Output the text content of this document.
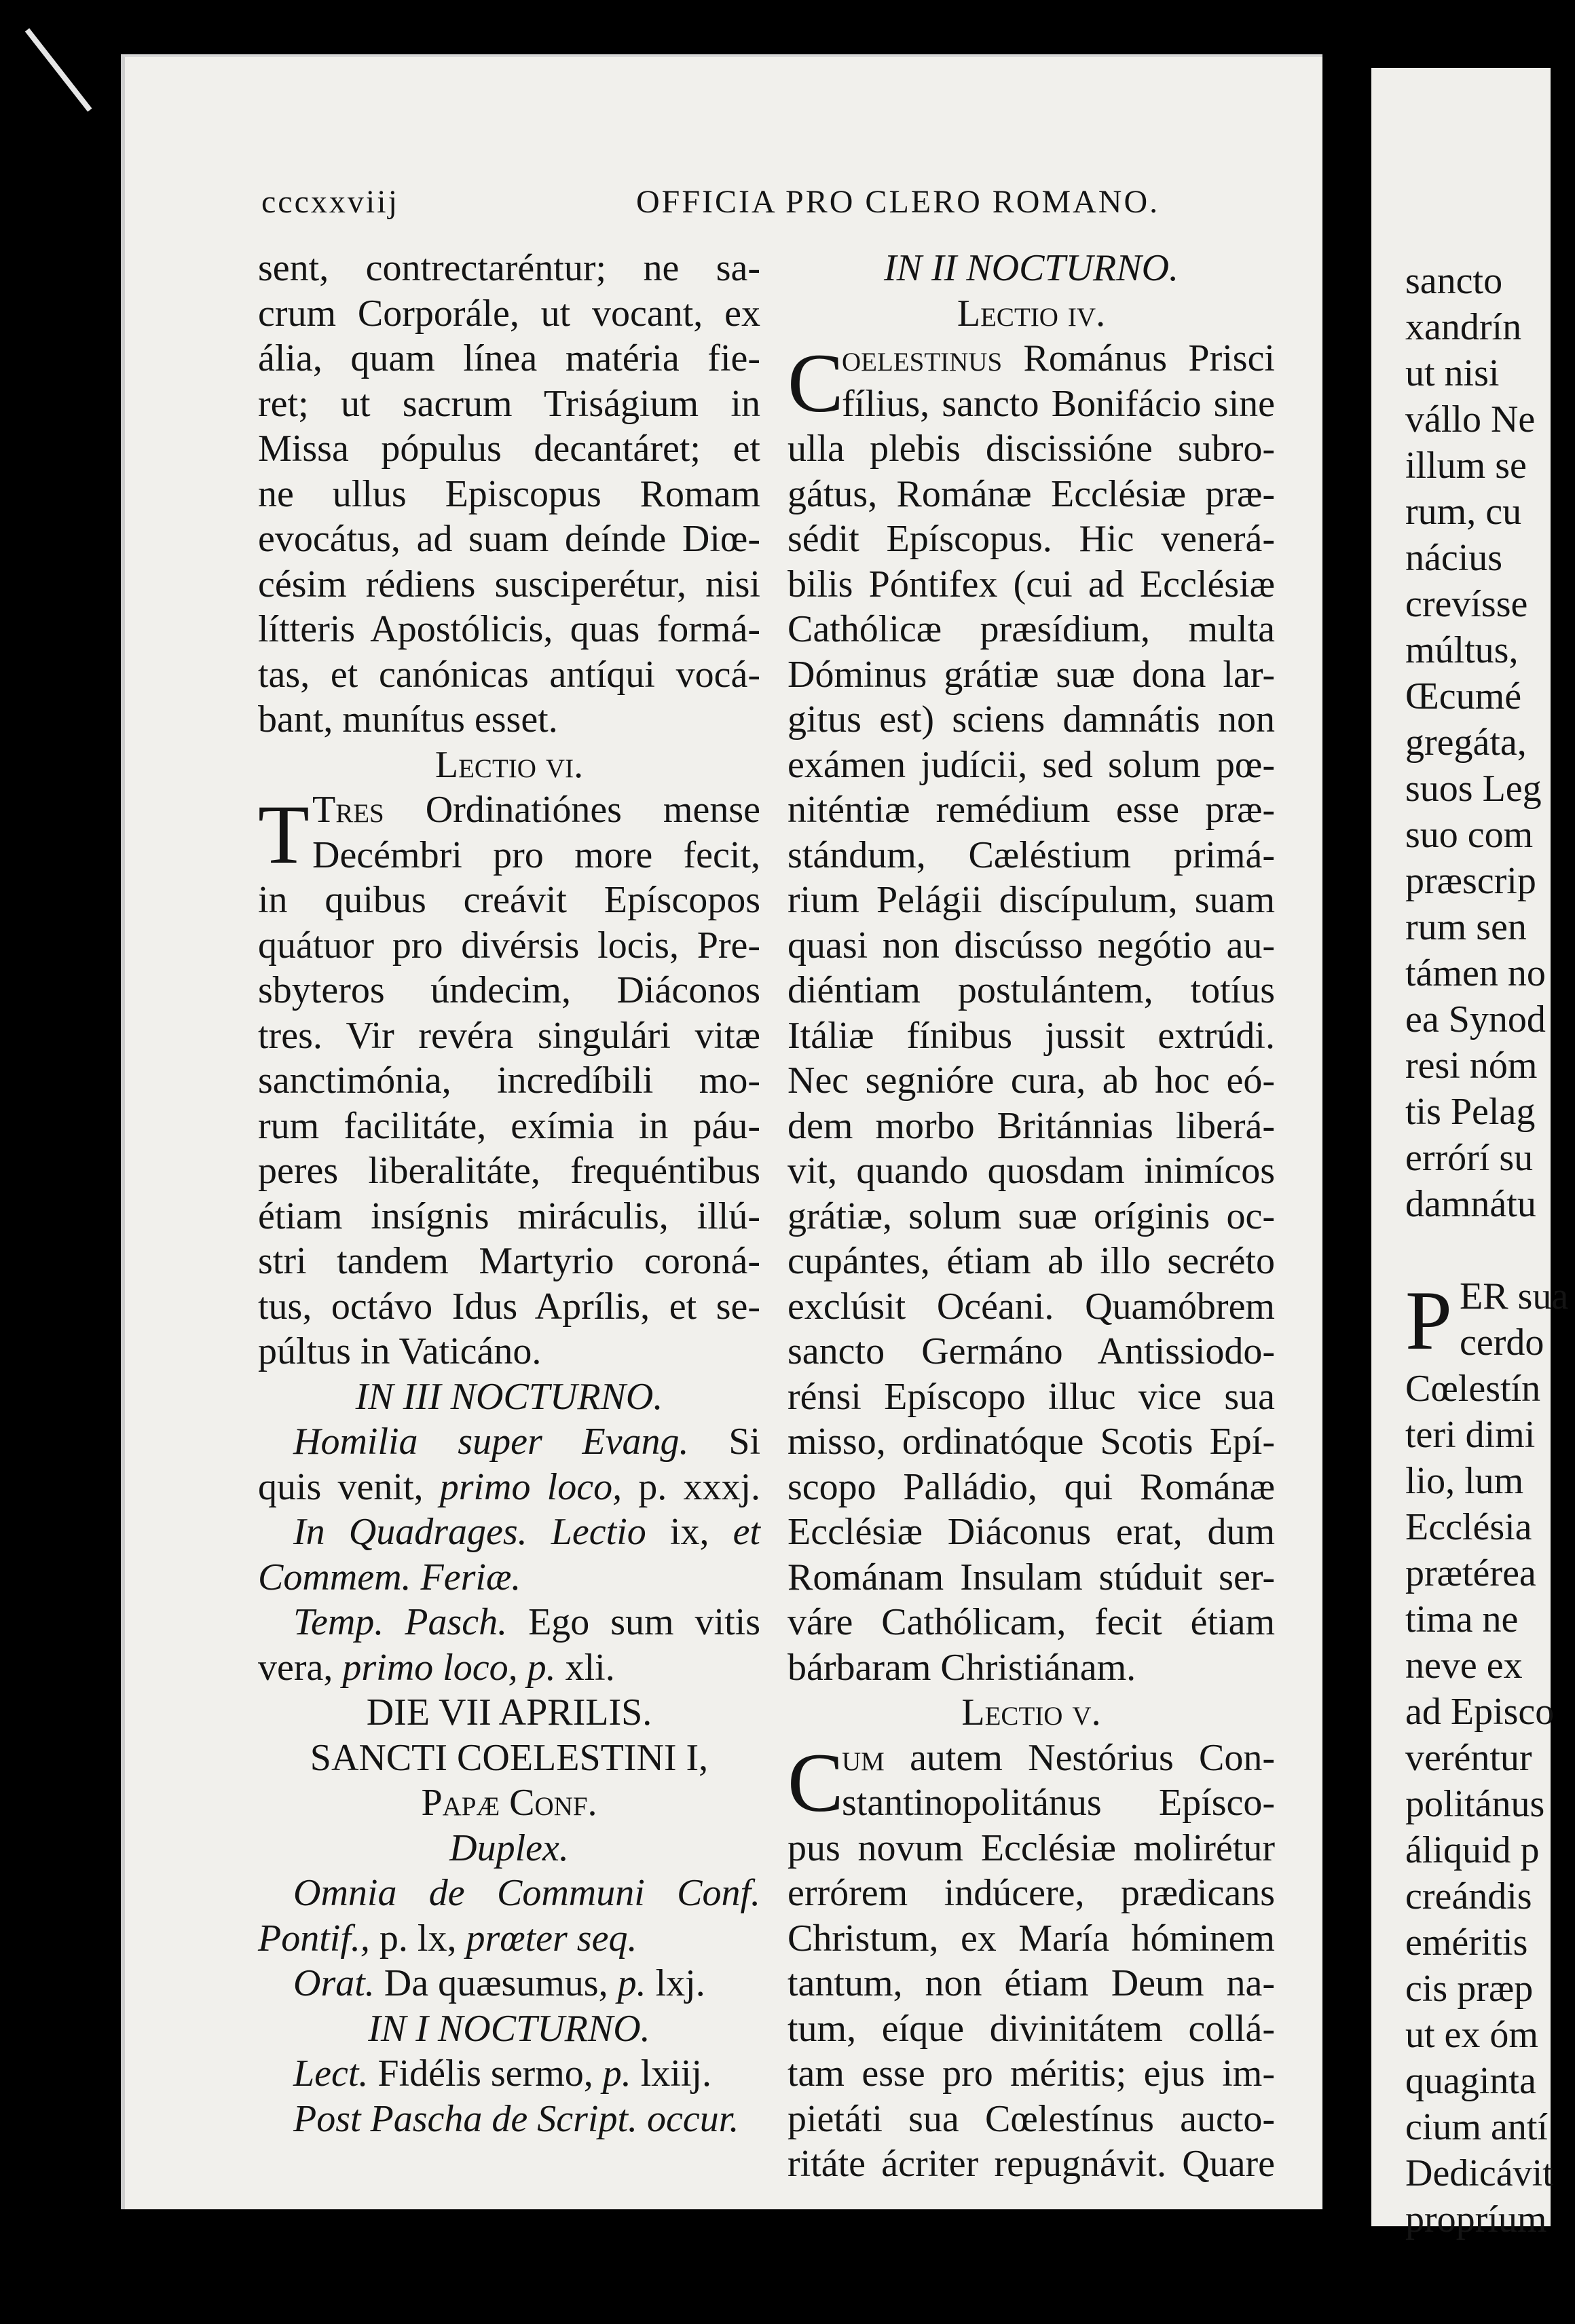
cccxxviij	OFFICIA PRO CLERO ROMANO.
sent, contrectaréntur; ne sa-
crum Corporále, ut vocant, ex
ália, quam línea matéria fie-
ret; ut sacrum Triságium in
Missa pópulus decantáret; et
ne ullus Episcopus Romam
evocátus, ad suam deínde Diœ-
césim rédiens susciperétur, nisi
lítteris Apostólicis, quas formá-
tas, et canónicas antíqui vocá-
bant, munítus esset.
Lectio vi.
T Tres Ordinatiónes mense
Decémbri pro more fecit,
in quibus creávit Epíscopos
quátuor pro divérsis locis, Pre-
sbyteros úndecim, Diáconos
tres. Vir revéra singulári vitæ
sanctimónia, incredíbili mo-
rum facilitáte, exímia in páu-
peres liberalitáte, frequéntibus
étiam insígnis miráculis, illú-
stri tandem Martyrio coroná-
tus, octávo Idus Aprílis, et se-
púltus in Vaticáno.
IN III NOCTURNO.
Homilia super Evang. Si
quis venit, primo loco, p. xxxj.
In Quadrages. Lectio ix, et
Commem. Feriæ.
Temp. Pasch. Ego sum vitis
vera, primo loco, p. xli.
DIE VII APRILIS.
SANCTI COELESTINI I,
Papæ Conf.
Duplex.
Omnia de Communi Conf.
Pontif., p. lx, prœter seq.
Orat. Da quæsumus, p. lxj.
IN I NOCTURNO.
Lect. Fidélis sermo, p. lxiij.
Post Pascha de Script. occur.
IN II NOCTURNO.
Lectio iv.
C
oelestinus Románus Prisci
fílius, sancto Bonifácio sine
ulla plebis discissióne subro-
gátus, Románæ Ecclésiæ præ-
sédit Epíscopus. Hic venerá-
bilis Póntifex (cui ad Ecclésiæ
Cathólicæ præsídium, multa
Dóminus grátiæ suæ dona lar-
gitus est) sciens damnátis non
exámen judícii, sed solum pœ-
niténtiæ remédium esse præ-
stándum, Cæléstium primá-
rium Pelágii discípulum, suam
quasi non discússo negótio au-
diéntiam postulántem, totíus
Itáliæ fínibus jussit extrúdi.
Nec segnióre cura, ab hoc eó-
dem morbo Británnias liberá-
vit, quando quosdam inimícos
grátiæ, solum suæ oríginis oc-
cupántes, étiam ab illo secréto
exclúsit Océani. Quamóbrem
sancto Germáno Antissiodo-
rénsi Epíscopo illuc vice sua
misso, ordinatóque Scotis Epí-
scopo Palládio, qui Románæ
Ecclésiæ Diáconus erat, dum
Románam Insulam stúduit ser-
váre Cathólicam, fecit étiam
bárbaram Christiánam.
Lectio v.
C
um autem Nestórius Con-
stantinopolitánus Epísco-
pus novum Ecclésiæ molirétur
errórem indúcere, prædicans
Christum, ex María hóminem
tantum, non étiam Deum na-
tum, eíque divinitátem collá-
tam esse pro méritis; ejus im-
pietáti sua Cœlestínus aucto-
ritáte ácriter repugnávit. Quare
sancto
xandrín
ut nisi
vállo Ne
illum se
rum, cu
nácius
crevísse
múltus,
Œcumé
gregáta,
suos Leg
suo com
præscrip
rum sen
támen no
ea Synod
resi nóm
tis Pelag
errórí su
damnátu
P ER sua
cerdo
Cœlestín
teri dimi
lio, lum
Ecclésia
prætérea
tima ne
neve ex
ad Episco
veréntur
politánus
áliquid p
creándis
eméritis
cis præp
ut ex óm
quaginta
cium antí
Dedicávit
propríum
